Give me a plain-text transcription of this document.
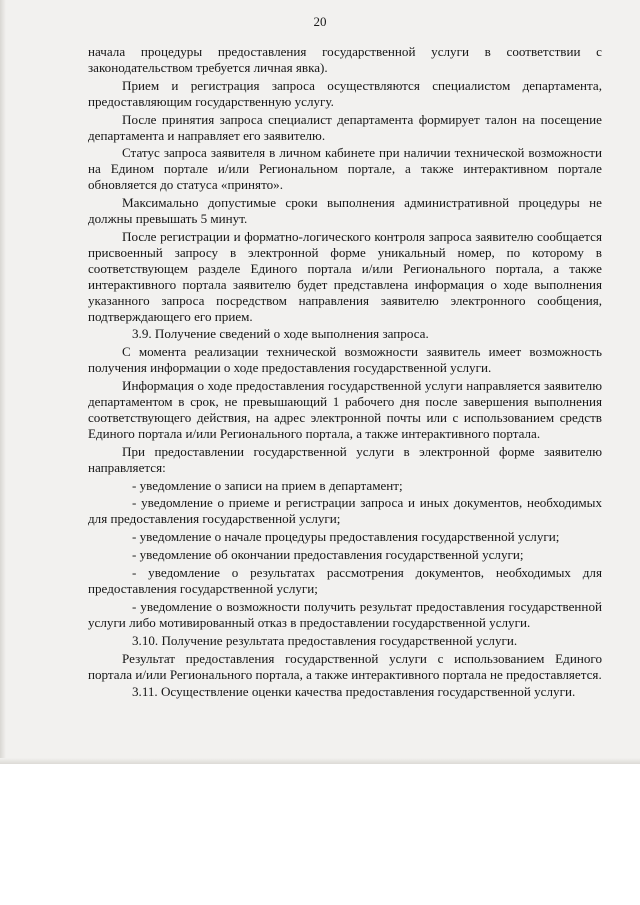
20

начала процедуры предоставления государственной услуги в соответствии с законодательством требуется личная явка).

Прием и регистрация запроса осуществляются специалистом департамента, предоставляющим государственную услугу.

После принятия запроса специалист департамента формирует талон на посещение департамента и направляет его заявителю.

Статус запроса заявителя в личном кабинете при наличии технической возможности на Едином портале и/или Региональном портале, а также интерактивном портале обновляется до статуса «принято».

Максимально допустимые сроки выполнения административной процедуры не должны превышать 5 минут.

После регистрации и форматно-логического контроля запроса заявителю сообщается присвоенный запросу в электронной форме уникальный номер, по которому в соответствующем разделе Единого портала и/или Регионального портала, а также интерактивного портала заявителю будет представлена информация о ходе выполнения указанного запроса посредством направления заявителю электронного сообщения, подтверждающего его прием.

3.9. Получение сведений о ходе выполнения запроса.

С момента реализации технической возможности заявитель имеет возможность получения информации о ходе предоставления государственной услуги.

Информация о ходе предоставления государственной услуги направляется заявителю департаментом в срок, не превышающий 1 рабочего дня после завершения выполнения соответствующего действия, на адрес электронной почты или с использованием средств Единого портала и/или Регионального портала, а также интерактивного портала.

При предоставлении государственной услуги в электронной форме заявителю направляется:

- уведомление о записи на прием в департамент;

- уведомление о приеме и регистрации запроса и иных документов, необходимых для предоставления государственной услуги;

- уведомление о начале процедуры предоставления государственной услуги;

- уведомление об окончании предоставления государственной услуги;

- уведомление о результатах рассмотрения документов, необходимых для предоставления государственной услуги;

- уведомление о возможности получить результат предоставления государственной услуги либо мотивированный отказ в предоставлении государственной услуги.

3.10. Получение результата предоставления государственной услуги.

Результат предоставления государственной услуги с использованием Единого портала и/или Регионального портала, а также интерактивного портала не предоставляется.

3.11. Осуществление оценки качества предоставления государственной услуги.
